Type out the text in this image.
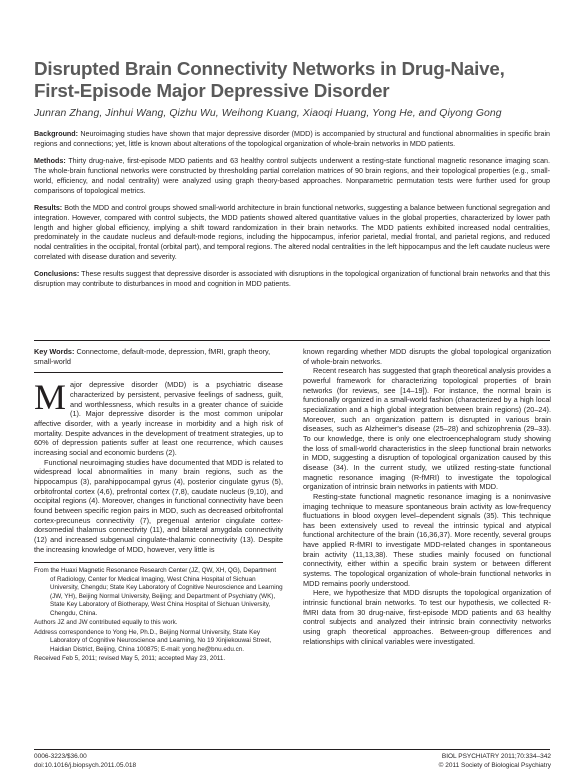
Disrupted Brain Connectivity Networks in Drug-Naive,
First-Episode Major Depressive Disorder
Junran Zhang, Jinhui Wang, Qizhu Wu, Weihong Kuang, Xiaoqi Huang, Yong He, and Qiyong Gong

Background: Neuroimaging studies have shown that major depressive disorder (MDD) is accompanied by structural and functional abnormalities in specific brain regions and connections; yet, little is known about alterations of the topological organization of whole-brain networks in MDD patients.

Methods: Thirty drug-naive, first-episode MDD patients and 63 healthy control subjects underwent a resting-state functional magnetic resonance imaging scan. The whole-brain functional networks were constructed by thresholding partial correlation matrices of 90 brain regions, and their topological properties (e.g., small-world, efficiency, and nodal centrality) were analyzed using graph theory-based approaches. Nonparametric permutation tests were further used for group comparisons of topological metrics.

Results: Both the MDD and control groups showed small-world architecture in brain functional networks, suggesting a balance between functional segregation and integration. However, compared with control subjects, the MDD patients showed altered quantitative values in the global properties, characterized by lower path length and higher global efficiency, implying a shift toward randomization in their brain networks. The MDD patients exhibited increased nodal centralities, predominately in the caudate nucleus and default-mode regions, including the hippocampus, inferior parietal, medial frontal, and parietal regions, and reduced nodal centralities in the occipital, frontal (orbital part), and temporal regions. The altered nodal centralities in the left hippocampus and the left caudate nucleus were correlated with disease duration and severity.

Conclusions: These results suggest that depressive disorder is associated with disruptions in the topological organization of functional brain networks and that this disruption may contribute to disturbances in mood and cognition in MDD patients.

Key Words: Connectome, default-mode, depression, fMRI, graph theory, small-world

Major depressive disorder (MDD) is a psychiatric disease characterized by persistent, pervasive feelings of sadness, guilt, and worthlessness, which results in a greater chance of suicide (1). Major depressive disorder is the most common unipolar affective disorder, with a yearly increase in morbidity and a high risk of mortality. Despite advances in the development of treatment strategies, up to 60% of depression patients suffer at least one recurrence, which causes increasing social and economic burdens (2).

Functional neuroimaging studies have documented that MDD is related to widespread local abnormalities in many brain regions, such as the hippocampus (3), parahippocampal gyrus (4), posterior cingulate gyrus (5), orbitofrontal cortex (4,6), prefrontal cortex (7,8), caudate nucleus (9,10), and occipital regions (4). Moreover, changes in functional connectivity have been found between specific region pairs in MDD, such as decreased orbitofrontal cortex-precuneus connectivity (7), pregenual anterior cingulate cortex-dorsomedial thalamus connectivity (11), and bilateral amygdala connectivity (12) and increased subgenual cingulate-thalamic connectivity (13). Despite the increasing knowledge of MDD, however, very little is

From the Huaxi Magnetic Resonance Research Center (JZ, QW, XH, QG), Department of Radiology, Center for Medical Imaging, West China Hospital of Sichuan University, Chengdu; State Key Laboratory of Cognitive Neuroscience and Learning (JW, YH), Beijing Normal University, Beijing; and Department of Psychiatry (WK), State Key Laboratory of Biotherapy, West China Hospital of Sichuan University, Chengdu, China.

Authors JZ and JW contributed equally to this work.

Address correspondence to Yong He, Ph.D., Beijing Normal University, State Key Laboratory of Cognitive Neuroscience and Learning, No 19 Xinjiekouwai Street, Haidian District, Beijing, China 100875; E-mail: yong.he@bnu.edu.cn.

Received Feb 5, 2011; revised May 5, 2011; accepted May 23, 2011.

known regarding whether MDD disrupts the global topological organization of whole-brain networks.

Recent research has suggested that graph theoretical analysis provides a powerful framework for characterizing topological properties of brain networks (for reviews, see [14–19]). For instance, the normal brain is functionally organized in a small-world fashion (characterized by a high local specialization and a high global integration between brain regions) (20–24). Moreover, such an organization pattern is disrupted in various brain diseases, such as Alzheimer's disease (25–28) and schizophrenia (29–33). To our knowledge, there is only one electroencephalogram study showing the loss of small-world characteristics in the sleep functional brain networks in MDD, suggesting a disruption of topological organization caused by this disease (34). In the current study, we utilized resting-state functional magnetic resonance imaging (R-fMRI) to investigate the topological organization of intrinsic brain networks in patients with MDD.

Resting-state functional magnetic resonance imaging is a noninvasive imaging technique to measure spontaneous brain activity as low-frequency fluctuations in blood oxygen level–dependent signals (35). This technique has been extensively used to reveal the intrinsic typical and atypical functional architecture of the brain (16,36,37). More recently, several groups have applied R-fMRI to investigate MDD-related changes in spontaneous brain activity (11,13,38). These studies mainly focused on functional connectivity, either within a specific brain system or between different systems. The topological organization of whole-brain functional networks in MDD remains poorly understood.

Here, we hypothesize that MDD disrupts the topological organization of intrinsic functional brain networks. To test our hypothesis, we collected R-fMRI data from 30 drug-naive, first-episode MDD patients and 63 healthy control subjects and analyzed their intrinsic brain connectivity networks using graph theoretical approaches. Between-group differences and relationships with clinical variables were investigated.

0006-3223/$36.00
doi:10.1016/j.biopsych.2011.05.018
BIOL PSYCHIATRY 2011;70:334–342
© 2011 Society of Biological Psychiatry
